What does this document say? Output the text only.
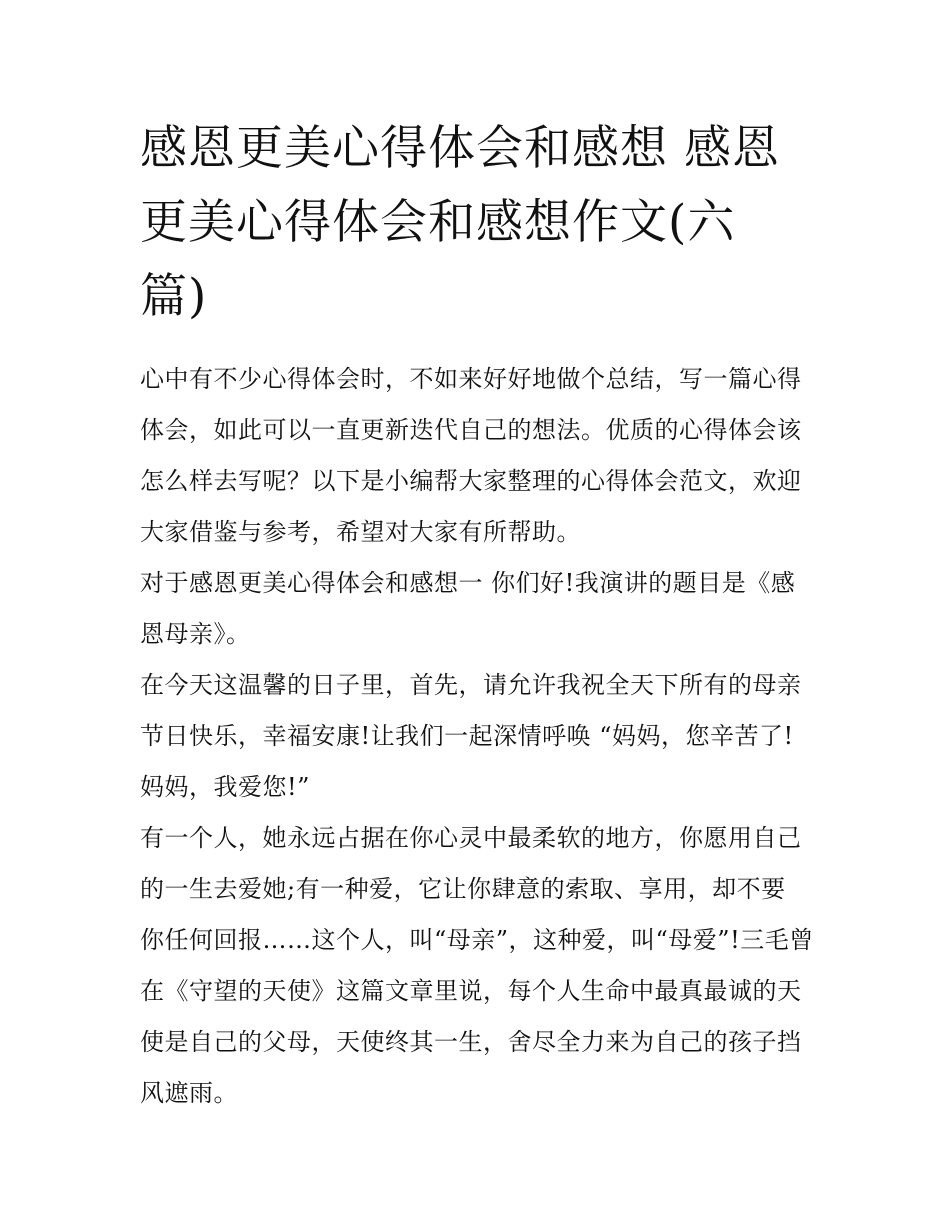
感恩更美心得体会和感想 感恩
更美心得体会和感想作文(六
篇)

心中有不少心得体会时，不如来好好地做个总结，写一篇心得
体会，如此可以一直更新迭代自己的想法。优质的心得体会该
怎么样去写呢？以下是小编帮大家整理的心得体会范文，欢迎
大家借鉴与参考，希望对大家有所帮助。

对于感恩更美心得体会和感想一 你们好!我演讲的题目是《感
恩母亲》。

在今天这温馨的日子里，首先，请允许我祝全天下所有的母亲
节日快乐，幸福安康!让我们一起深情呼唤 “妈妈，您辛苦了!
妈妈，我爱您!”

有一个人，她永远占据在你心灵中最柔软的地方，你愿用自己
的一生去爱她;有一种爱，它让你肆意的索取、享用，却不要
你任何回报……这个人，叫“母亲”，这种爱，叫“母爱”!三毛曾
在《守望的天使》这篇文章里说，每个人生命中最真最诚的天
使是自己的父母，天使终其一生，舍尽全力来为自己的孩子挡
风遮雨。
